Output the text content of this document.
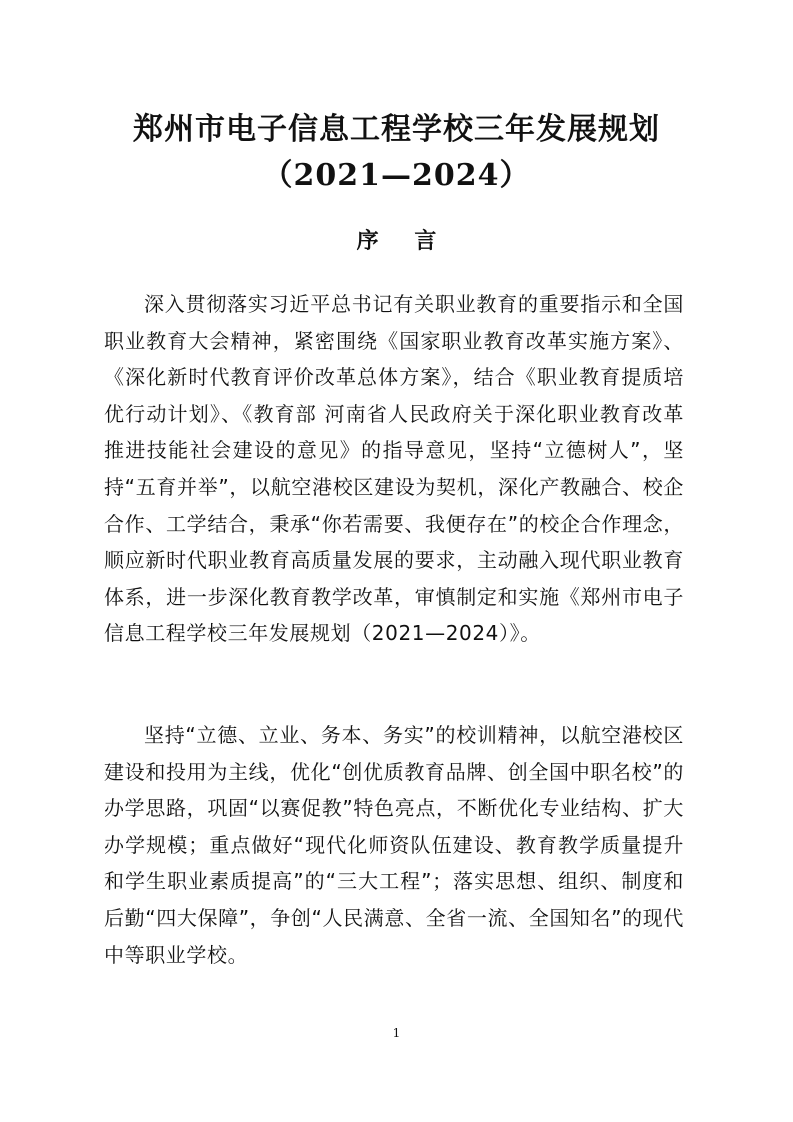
郑州市电子信息工程学校三年发展规划
（2021—2024）
序 言

深入贯彻落实习近平总书记有关职业教育的重要指示和全国职业教育大会精神，紧密围绕《国家职业教育改革实施方案》、《深化新时代教育评价改革总体方案》，结合《职业教育提质培优行动计划》、《教育部 河南省人民政府关于深化职业教育改革推进技能社会建设的意见》的指导意见，坚持“立德树人”，坚持“五育并举”，以航空港校区建设为契机，深化产教融合、校企合作、工学结合，秉承“你若需要、我便存在”的校企合作理念，顺应新时代职业教育高质量发展的要求，主动融入现代职业教育体系，进一步深化教育教学改革，审慎制定和实施《郑州市电子信息工程学校三年发展规划（2021—2024）》。

坚持“立德、立业、务本、务实”的校训精神，以航空港校区建设和投用为主线，优化“创优质教育品牌、创全国中职名校”的办学思路，巩固“以赛促教”特色亮点，不断优化专业结构、扩大办学规模；重点做好“现代化师资队伍建设、教育教学质量提升和学生职业素质提高”的“三大工程”；落实思想、组织、制度和后勤“四大保障”，争创“人民满意、全省一流、全国知名”的现代中等职业学校。

1
